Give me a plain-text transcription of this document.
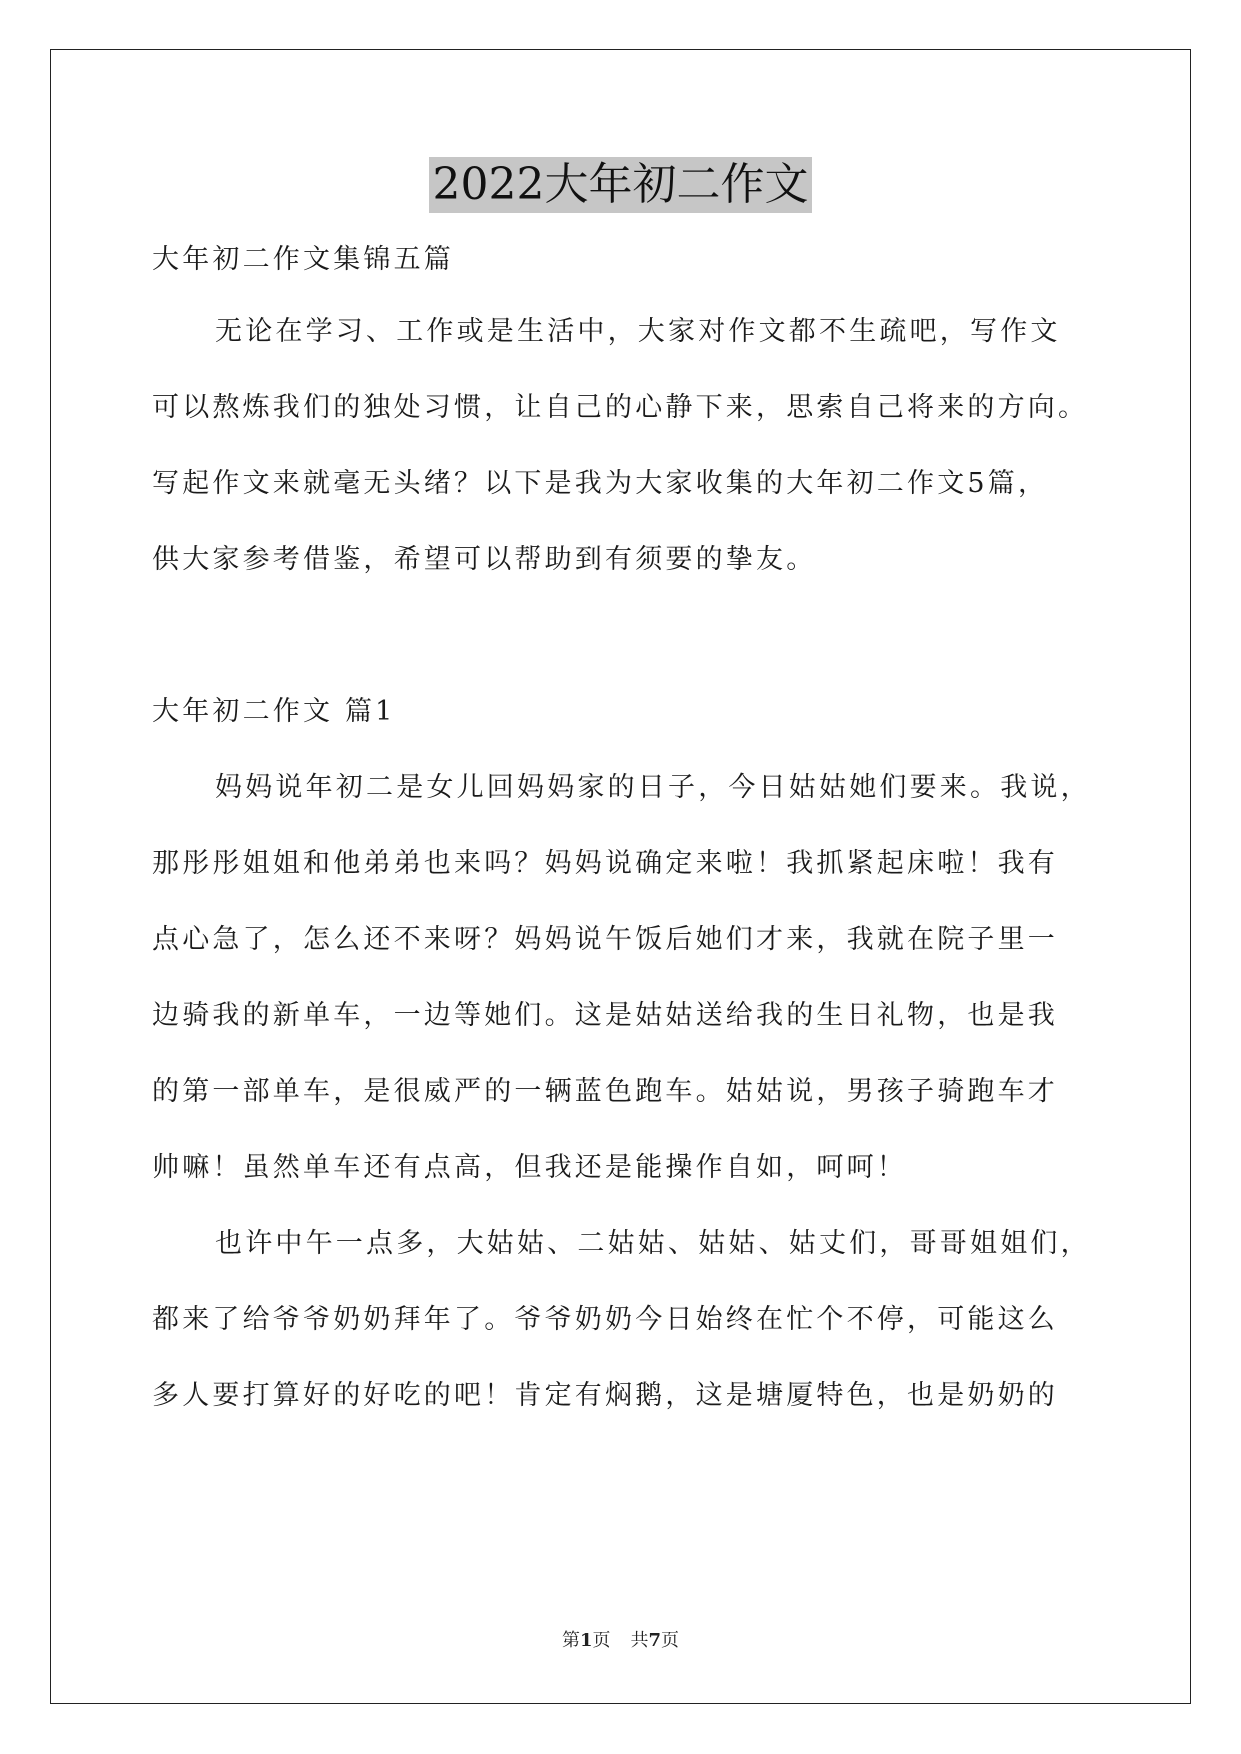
2022大年初二作文
大年初二作文集锦五篇
无论在学习、工作或是生活中，大家对作文都不生疏吧，写作文
可以熬炼我们的独处习惯，让自己的心静下来，思索自己将来的方向。
写起作文来就毫无头绪？以下是我为大家收集的大年初二作文5篇，
供大家参考借鉴，希望可以帮助到有须要的挚友。
大年初二作文 篇1
妈妈说年初二是女儿回妈妈家的日子，今日姑姑她们要来。我说，
那彤彤姐姐和他弟弟也来吗？妈妈说确定来啦！我抓紧起床啦！我有
点心急了，怎么还不来呀？妈妈说午饭后她们才来，我就在院子里一
边骑我的新单车，一边等她们。这是姑姑送给我的生日礼物，也是我
的第一部单车，是很威严的一辆蓝色跑车。姑姑说，男孩子骑跑车才
帅嘛！虽然单车还有点高，但我还是能操作自如，呵呵！
也许中午一点多，大姑姑、二姑姑、姑姑、姑丈们，哥哥姐姐们，
都来了给爷爷奶奶拜年了。爷爷奶奶今日始终在忙个不停，可能这么
多人要打算好的好吃的吧！肯定有焖鹅，这是塘厦特色，也是奶奶的
第1页 共7页
